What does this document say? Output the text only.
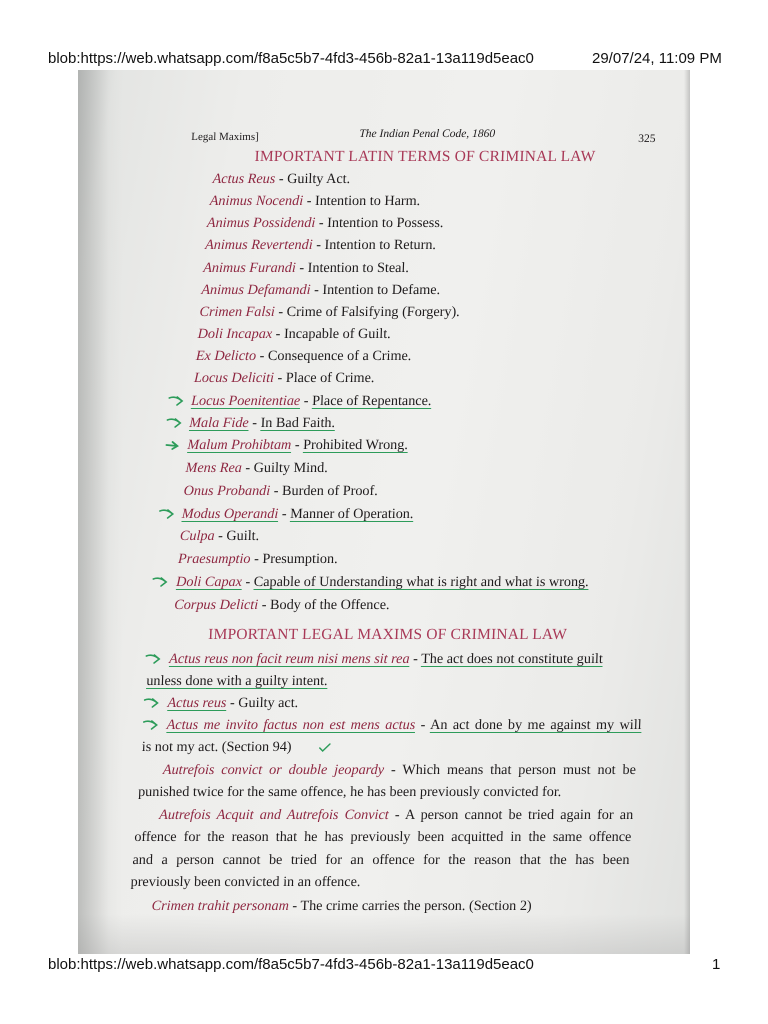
blob:https://web.whatsapp.com/f8a5c5b7-4fd3-456b-82a1-13a119d5eac0	29/07/24, 11:09 PM
Legal Maxims]	The Indian Penal Code, 1860	325
IMPORTANT LATIN TERMS OF CRIMINAL LAW
Actus Reus - Guilty Act.
Animus Nocendi - Intention to Harm.
Animus Possidendi - Intention to Possess.
Animus Revertendi - Intention to Return.
Animus Furandi - Intention to Steal.
Animus Defamandi - Intention to Defame.
Crimen Falsi - Crime of Falsifying (Forgery).
Doli Incapax - Incapable of Guilt.
Ex Delicto - Consequence of a Crime.
Locus Deliciti - Place of Crime.
Locus Poenitentiae - Place of Repentance.
Mala Fide - In Bad Faith.
Malum Prohibtam - Prohibited Wrong.
Mens Rea - Guilty Mind.
Onus Probandi - Burden of Proof.
Modus Operandi - Manner of Operation.
Culpa - Guilt.
Praesumptio - Presumption.
Doli Capax - Capable of Understanding what is right and what is wrong.
Corpus Delicti - Body of the Offence.
IMPORTANT LEGAL MAXIMS OF CRIMINAL LAW
Actus reus non facit reum nisi mens sit rea - The act does not constitute guilt
unless done with a guilty intent.
Actus reus - Guilty act.
Actus me invito factus non est mens actus - An act done by me against my will
is not my act. (Section 94)
Autrefois convict or double jeopardy - Which means that person must not be
punished twice for the same offence, he has been previously convicted for.
Autrefois Acquit and Autrefois Convict - A person cannot be tried again for an
offence for the reason that he has previously been acquitted in the same offence
and a person cannot be tried for an offence for the reason that the has been
previously been convicted in an offence.
Crimen trahit personam - The crime carries the person. (Section 2)
blob:https://web.whatsapp.com/f8a5c5b7-4fd3-456b-82a1-13a119d5eac0	1
